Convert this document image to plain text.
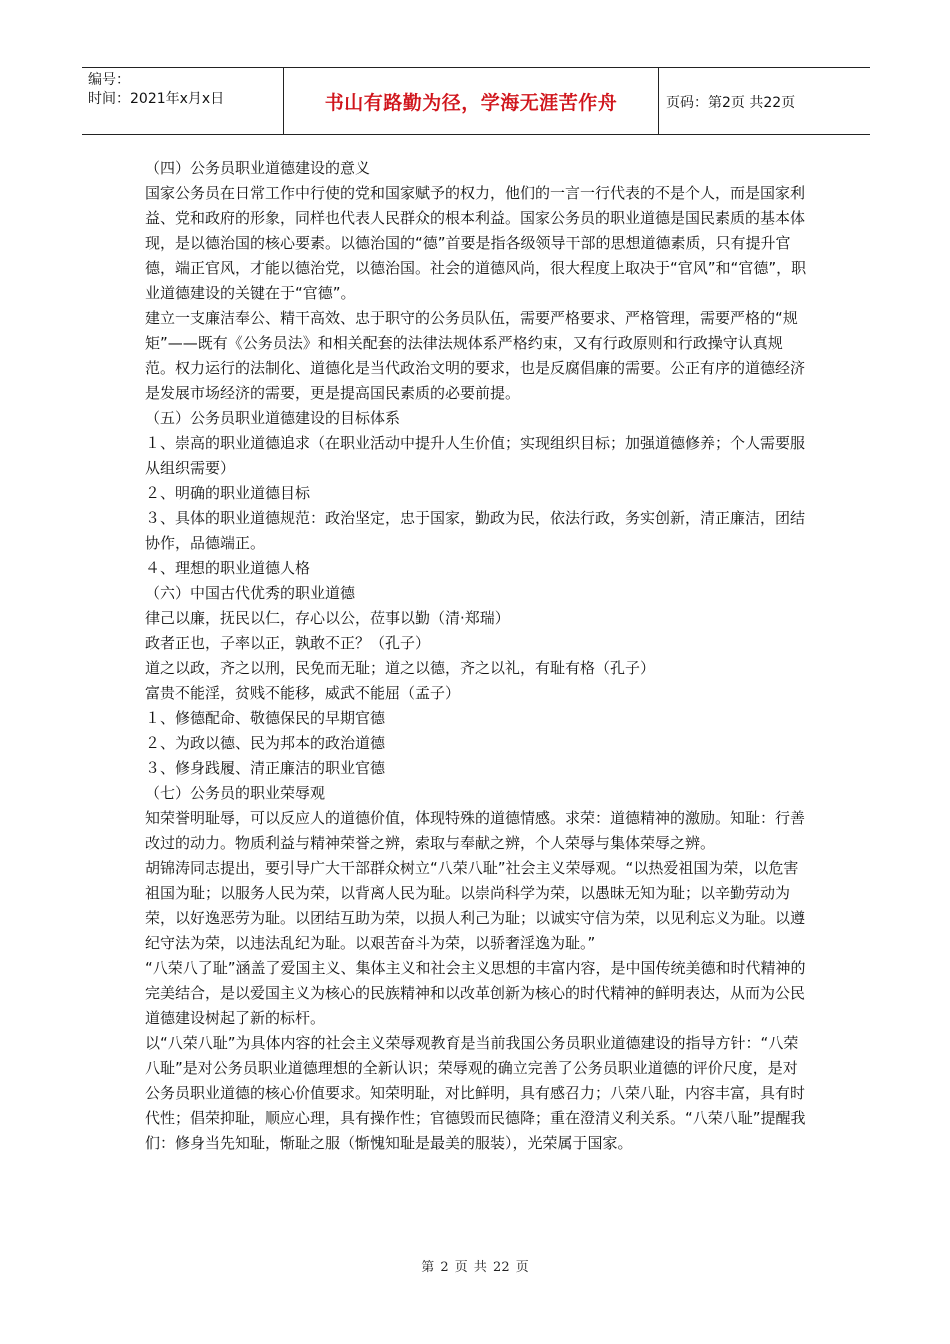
编号：
时间：2021年x月x日	书山有路勤为径，学海无涯苦作舟	页码：第2页 共22页

（四）公务员职业道德建设的意义

国家公务员在日常工作中行使的党和国家赋予的权力，他们的一言一行代表的不是个人，而是国家利益、党和政府的形象，同样也代表人民群众的根本利益。国家公务员的职业道德是国民素质的基本体现，是以德治国的核心要素。以德治国的“德”首要是指各级领导干部的思想道德素质，只有提升官德，端正官风，才能以德治党，以德治国。社会的道德风尚，很大程度上取决于“官风”和“官德”，职业道德建设的关键在于“官德”。

建立一支廉洁奉公、精干高效、忠于职守的公务员队伍，需要严格要求、严格管理，需要严格的“规矩”——既有《公务员法》和相关配套的法律法规体系严格约束，又有行政原则和行政操守认真规范。权力运行的法制化、道德化是当代政治文明的要求，也是反腐倡廉的需要。公正有序的道德经济是发展市场经济的需要，更是提高国民素质的必要前提。

（五）公务员职业道德建设的目标体系

１、崇高的职业道德追求（在职业活动中提升人生价值；实现组织目标；加强道德修养；个人需要服从组织需要）

２、明确的职业道德目标

３、具体的职业道德规范：政治坚定，忠于国家，勤政为民，依法行政，务实创新，清正廉洁，团结协作，品德端正。

４、理想的职业道德人格

（六）中国古代优秀的职业道德

律己以廉，抚民以仁，存心以公，莅事以勤（清·郑瑞）

政者正也，子率以正，孰敢不正？（孔子）

道之以政，齐之以刑，民免而无耻；道之以德，齐之以礼，有耻有格（孔子）

富贵不能淫，贫贱不能移，威武不能屈（孟子）

１、修德配命、敬德保民的早期官德

２、为政以德、民为邦本的政治道德

３、修身践履、清正廉洁的职业官德

（七）公务员的职业荣辱观

知荣誉明耻辱，可以反应人的道德价值，体现特殊的道德情感。求荣：道德精神的激励。知耻：行善改过的动力。物质利益与精神荣誉之辨，索取与奉献之辨，个人荣辱与集体荣辱之辨。

胡锦涛同志提出，要引导广大干部群众树立“八荣八耻”社会主义荣辱观。“以热爱祖国为荣，以危害祖国为耻；以服务人民为荣，以背离人民为耻。以崇尚科学为荣，以愚昧无知为耻；以辛勤劳动为荣，以好逸恶劳为耻。以团结互助为荣，以损人利己为耻；以诚实守信为荣，以见利忘义为耻。以遵纪守法为荣，以违法乱纪为耻。以艰苦奋斗为荣，以骄奢淫逸为耻。”

“八荣八了耻”涵盖了爱国主义、集体主义和社会主义思想的丰富内容，是中国传统美德和时代精神的完美结合，是以爱国主义为核心的民族精神和以改革创新为核心的时代精神的鲜明表达，从而为公民道德建设树起了新的标杆。

以“八荣八耻”为具体内容的社会主义荣辱观教育是当前我国公务员职业道德建设的指导方针：“八荣八耻”是对公务员职业道德理想的全新认识；荣辱观的确立完善了公务员职业道德的评价尺度，是对公务员职业道德的核心价值要求。知荣明耻，对比鲜明，具有感召力；八荣八耻，内容丰富，具有时代性；倡荣抑耻，顺应心理，具有操作性；官德毁而民德降；重在澄清义利关系。“八荣八耻”提醒我们：修身当先知耻，惭耻之服（惭愧知耻是最美的服装），光荣属于国家。

第 2 页 共 22 页
